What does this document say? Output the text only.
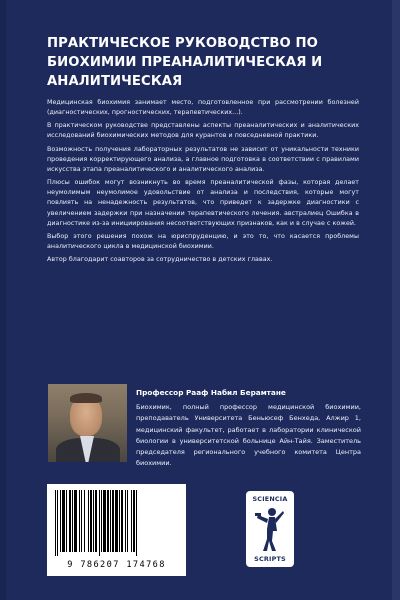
ПРАКТИЧЕСКОЕ РУКОВОДСТВО ПО БИОХИМИИ ПРЕАНАЛИТИЧЕСКАЯ И АНАЛИТИЧЕСКАЯ

Медицинская биохимия занимает место, подготовленное при рассмотрении болезней (диагностических, прогностических, терапевтических...).

В практическом руководстве представлены аспекты преаналитических и аналитических исследований биохимических методов для курантов и повседневной практики.

Возможность получения лабораторных результатов не зависит от уникальности техники проведения корректирующего анализа, а главное подготовка в соответствии с правилами искусства этапа преаналитического и аналитического анализа.

Плюсы ошибок могут возникнуть во время преаналитической фазы, которая делает неумолимым неумолимое удовольствие от анализа и последствия, которые могут повлиять на ненадежность результатов, что приведет к задержке диагностики с увеличением задержки при назначении терапевтического лечения. австралиец Ошибка в диагностике из-за инициирования несоответствующих признаков, как и в случае с кожей.

Выбор этого решения похож на юриспруденцию, и это то, что касается проблемы аналитического цикла в медицинской биохимии.

Автор благодарит соавторов за сотрудничество в детских главах.

Профессор Рааф Набил Берамтане
Биохимик, полный профессор медицинской биохимии, преподаватель Университета Беньюсеф Бенхеда, Алжир 1, медицинский факультет, работает в лаборатории клинической биологии в университетской больнице Айн-Тайя. Заместитель председателя регионального учебного комитета Центра биохимии.
9 786207 174768
SCIENCIA
SCRIPTS
